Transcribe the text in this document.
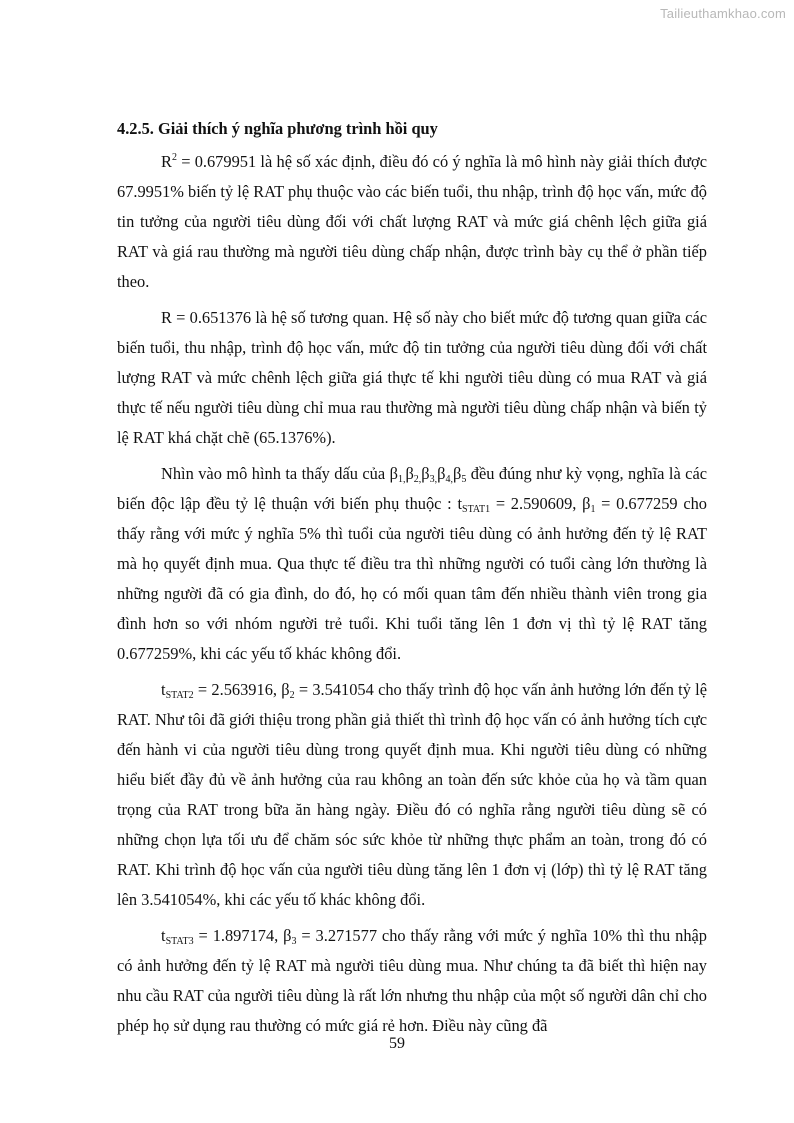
Tailieuthamkhao.com
4.2.5. Giải thích ý nghĩa phương trình hồi quy

$R^2 = 0.679951$ là hệ số xác định, điều đó có ý nghĩa là mô hình này giải thích được 67.9951% biến tỷ lệ RAT phụ thuộc vào các biến tuổi, thu nhập, trình độ học vấn, mức độ tin tưởng của người tiêu dùng đối với chất lượng RAT và mức giá chênh lệch giữa giá RAT và giá rau thường mà người tiêu dùng chấp nhận, được trình bày cụ thể ở phần tiếp theo.

R = 0.651376 là hệ số tương quan. Hệ số này cho biết mức độ tương quan giữa các biến tuổi, thu nhập, trình độ học vấn, mức độ tin tưởng của người tiêu dùng đối với chất lượng RAT và mức chênh lệch giữa giá thực tế khi người tiêu dùng có mua RAT và giá thực tế nếu người tiêu dùng chỉ mua rau thường mà người tiêu dùng chấp nhận và biến tỷ lệ RAT khá chặt chẽ (65.1376%).

Nhìn vào mô hình ta thấy dấu của $\beta_{1,}\beta_{2,}\beta_{3,}\beta_{4,}\beta_5$ đều đúng như kỳ vọng, nghĩa là các biến độc lập đều tỷ lệ thuận với biến phụ thuộc : $t_{STAT1} = 2.590609$, $\beta_1 = 0.677259$ cho thấy rằng với mức ý nghĩa 5% thì tuổi của người tiêu dùng có ảnh hưởng đến tỷ lệ RAT mà họ quyết định mua. Qua thực tế điều tra thì những người có tuổi càng lớn thường là những người đã có gia đình, do đó, họ có mối quan tâm đến nhiều thành viên trong gia đình hơn so với nhóm người trẻ tuổi. Khi tuổi tăng lên 1 đơn vị thì tỷ lệ RAT tăng 0.677259%, khi các yếu tố khác không đổi.

$t_{STAT2} = 2.563916$, $\beta_2 = 3.541054$ cho thấy trình độ học vấn ảnh hưởng lớn đến tỷ lệ RAT. Như tôi đã giới thiệu trong phần giả thiết thì trình độ học vấn có ảnh hưởng tích cực đến hành vi của người tiêu dùng trong quyết định mua. Khi người tiêu dùng có những hiểu biết đầy đủ về ảnh hưởng của rau không an toàn đến sức khỏe của họ và tầm quan trọng của RAT trong bữa ăn hàng ngày. Điều đó có nghĩa rằng người tiêu dùng sẽ có những chọn lựa tối ưu để chăm sóc sức khỏe từ những thực phẩm an toàn, trong đó có RAT. Khi trình độ học vấn của người tiêu dùng tăng lên 1 đơn vị (lớp) thì tỷ lệ RAT tăng lên 3.541054%, khi các yếu tố khác không đổi.

$t_{STAT3} = 1.897174$, $\beta_3 = 3.271577$ cho thấy rằng với mức ý nghĩa 10% thì thu nhập có ảnh hưởng đến tỷ lệ RAT mà người tiêu dùng mua. Như chúng ta đã biết thì hiện nay nhu cầu RAT của người tiêu dùng là rất lớn nhưng thu nhập của một số người dân chỉ cho phép họ sử dụng rau thường có mức giá rẻ hơn. Điều này cũng đã

59
